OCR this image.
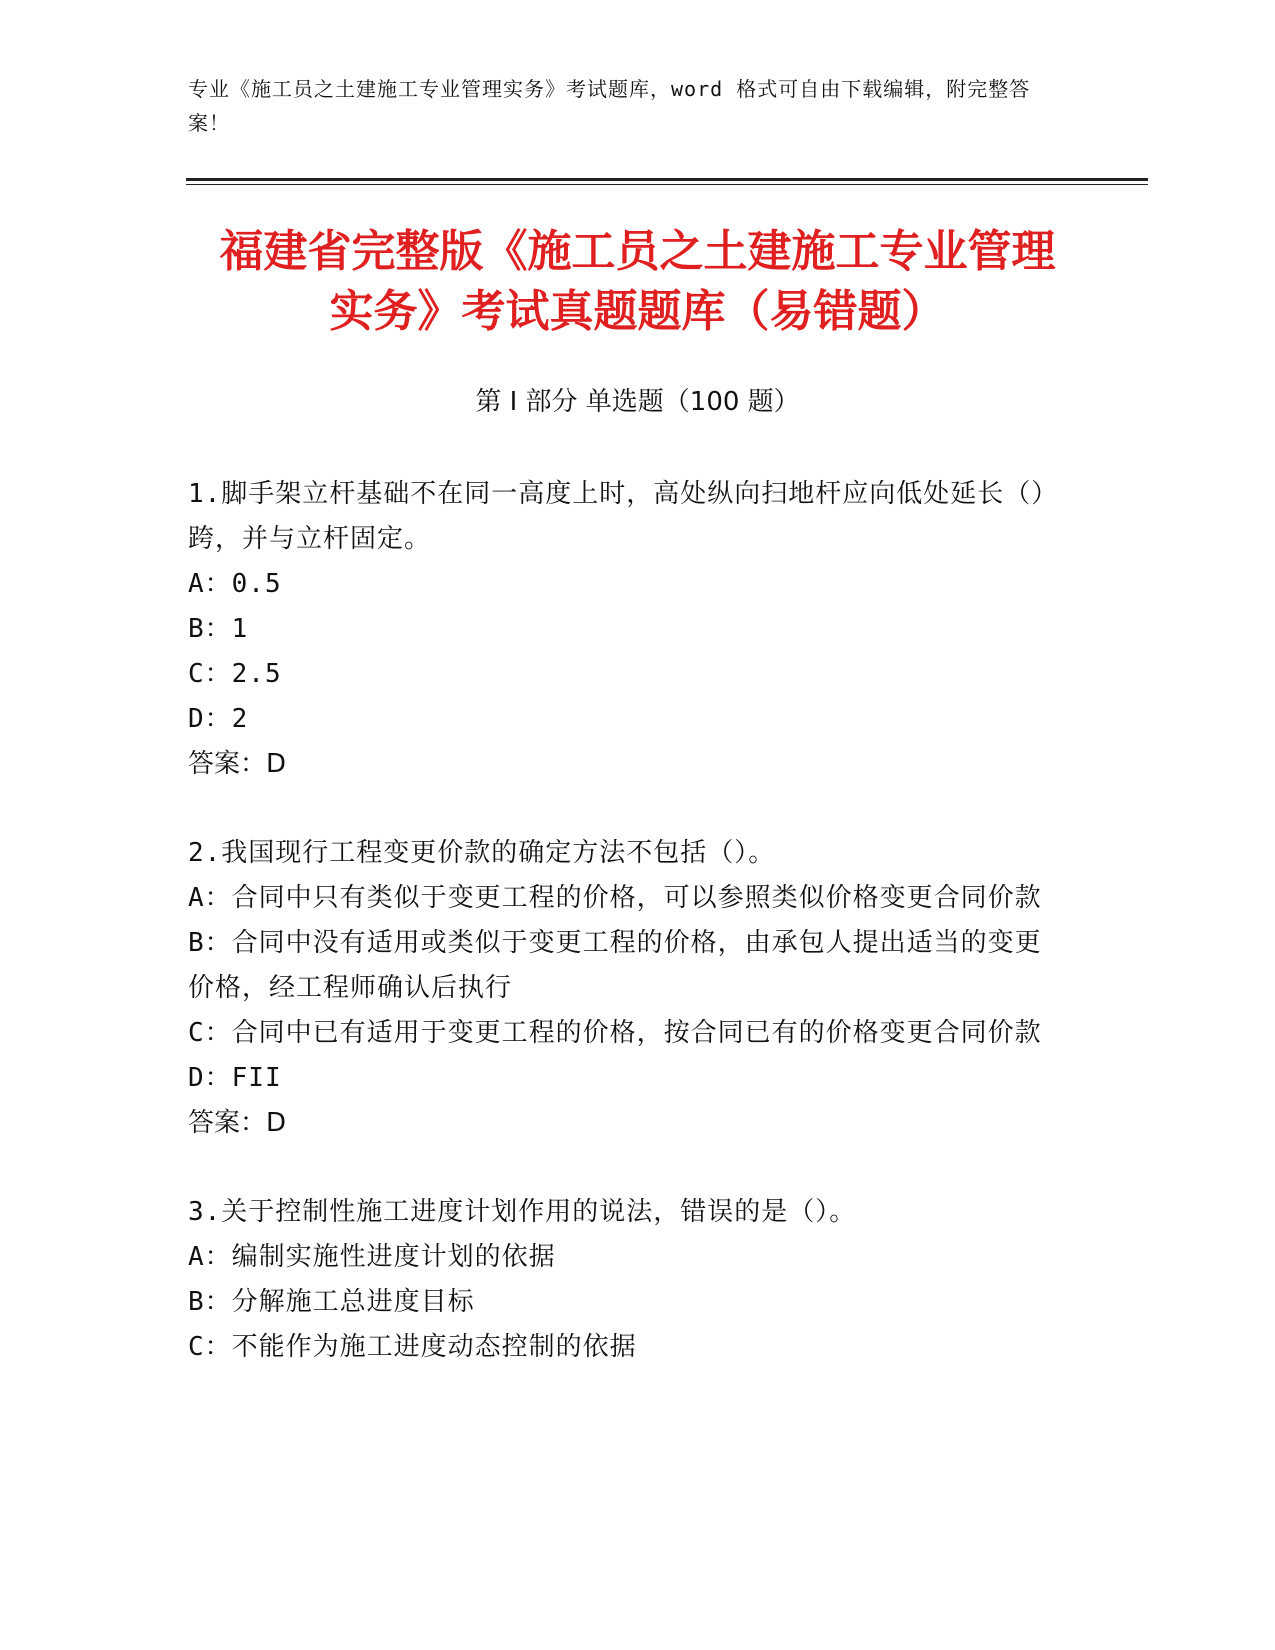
专业《施工员之土建施工专业管理实务》考试题库，word 格式可自由下载编辑，附完整答案！
福建省完整版《施工员之土建施工专业管理
实务》考试真题题库（易错题）
第 I 部分 单选题（100 题）
1.脚手架立杆基础不在同一高度上时，高处纵向扫地杆应向低处延长（）跨，并与立杆固定。
A：0.5
B：1
C：2.5
D：2
答案：D
2.我国现行工程变更价款的确定方法不包括（）。
A：合同中只有类似于变更工程的价格，可以参照类似价格变更合同价款
B：合同中没有适用或类似于变更工程的价格，由承包人提出适当的变更价格，经工程师确认后执行
C：合同中已有适用于变更工程的价格，按合同已有的价格变更合同价款
D：FII
答案：D
3.关于控制性施工进度计划作用的说法，错误的是（）。
A：编制实施性进度计划的依据
B：分解施工总进度目标
C：不能作为施工进度动态控制的依据
